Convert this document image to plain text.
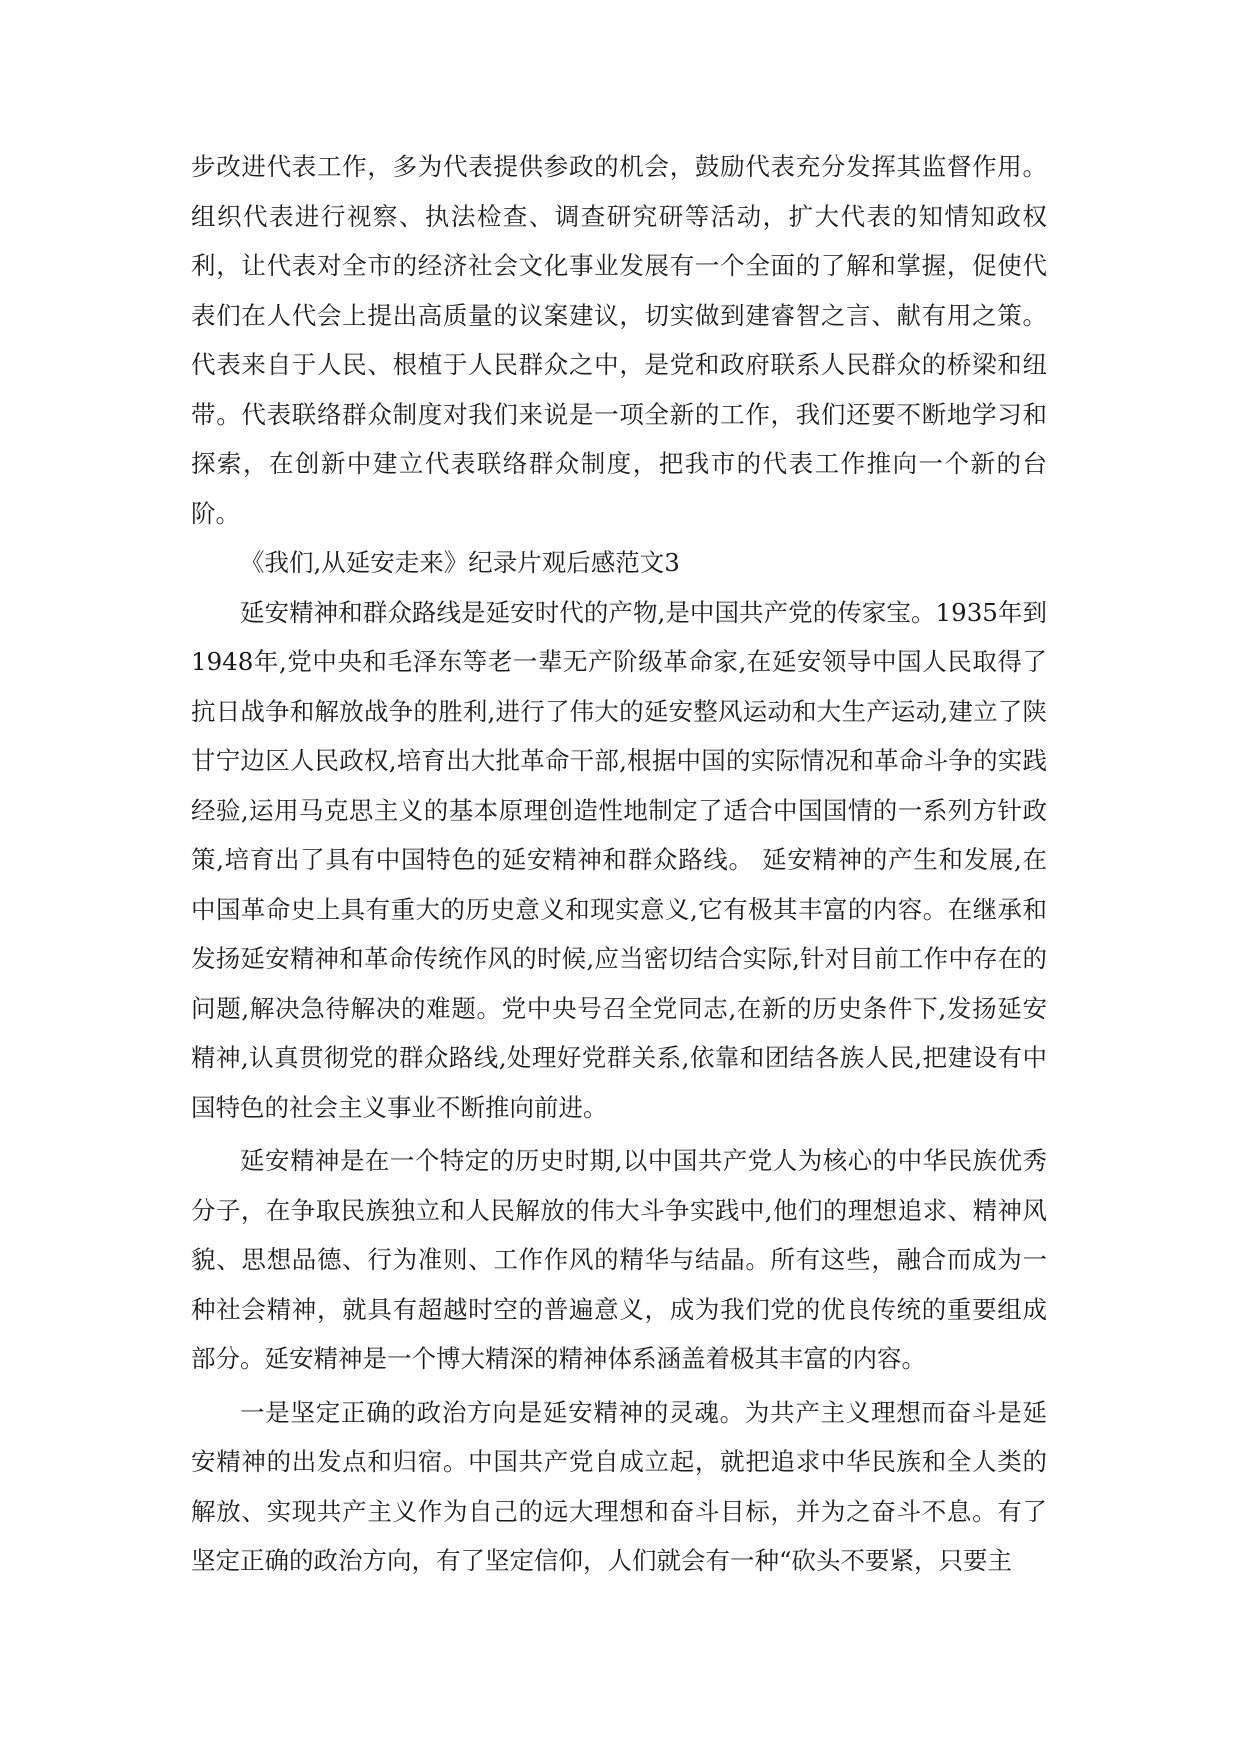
步改进代表工作，多为代表提供参政的机会，鼓励代表充分发挥其监督作用。组织代表进行视察、执法检查、调查研究研等活动，扩大代表的知情知政权利，让代表对全市的经济社会文化事业发展有一个全面的了解和掌握，促使代表们在人代会上提出高质量的议案建议，切实做到建睿智之言、献有用之策。代表来自于人民、根植于人民群众之中，是党和政府联系人民群众的桥梁和纽带。代表联络群众制度对我们来说是一项全新的工作，我们还要不断地学习和探索，在创新中建立代表联络群众制度，把我市的代表工作推向一个新的台阶。

《我们,从延安走来》纪录片观后感范文3

延安精神和群众路线是延安时代的产物,是中国共产党的传家宝。1935年到1948年,党中央和毛泽东等老一辈无产阶级革命家,在延安领导中国人民取得了抗日战争和解放战争的胜利,进行了伟大的延安整风运动和大生产运动,建立了陕甘宁边区人民政权,培育出大批革命干部,根据中国的实际情况和革命斗争的实践经验,运用马克思主义的基本原理创造性地制定了适合中国国情的一系列方针政策,培育出了具有中国特色的延安精神和群众路线。 延安精神的产生和发展,在中国革命史上具有重大的历史意义和现实意义,它有极其丰富的内容。在继承和发扬延安精神和革命传统作风的时候,应当密切结合实际,针对目前工作中存在的问题,解决急待解决的难题。党中央号召全党同志,在新的历史条件下,发扬延安精神,认真贯彻党的群众路线,处理好党群关系,依靠和团结各族人民,把建设有中国特色的社会主义事业不断推向前进。

延安精神是在一个特定的历史时期,以中国共产党人为核心的中华民族优秀分子，在争取民族独立和人民解放的伟大斗争实践中,他们的理想追求、精神风貌、思想品德、行为准则、工作作风的精华与结晶。所有这些，融合而成为一种社会精神，就具有超越时空的普遍意义，成为我们党的优良传统的重要组成部分。延安精神是一个博大精深的精神体系涵盖着极其丰富的内容。

一是坚定正确的政治方向是延安精神的灵魂。为共产主义理想而奋斗是延安精神的出发点和归宿。中国共产党自成立起，就把追求中华民族和全人类的解放、实现共产主义作为自己的远大理想和奋斗目标，并为之奋斗不息。有了坚定正确的政治方向，有了坚定信仰，人们就会有一种“砍头不要紧，只要主
